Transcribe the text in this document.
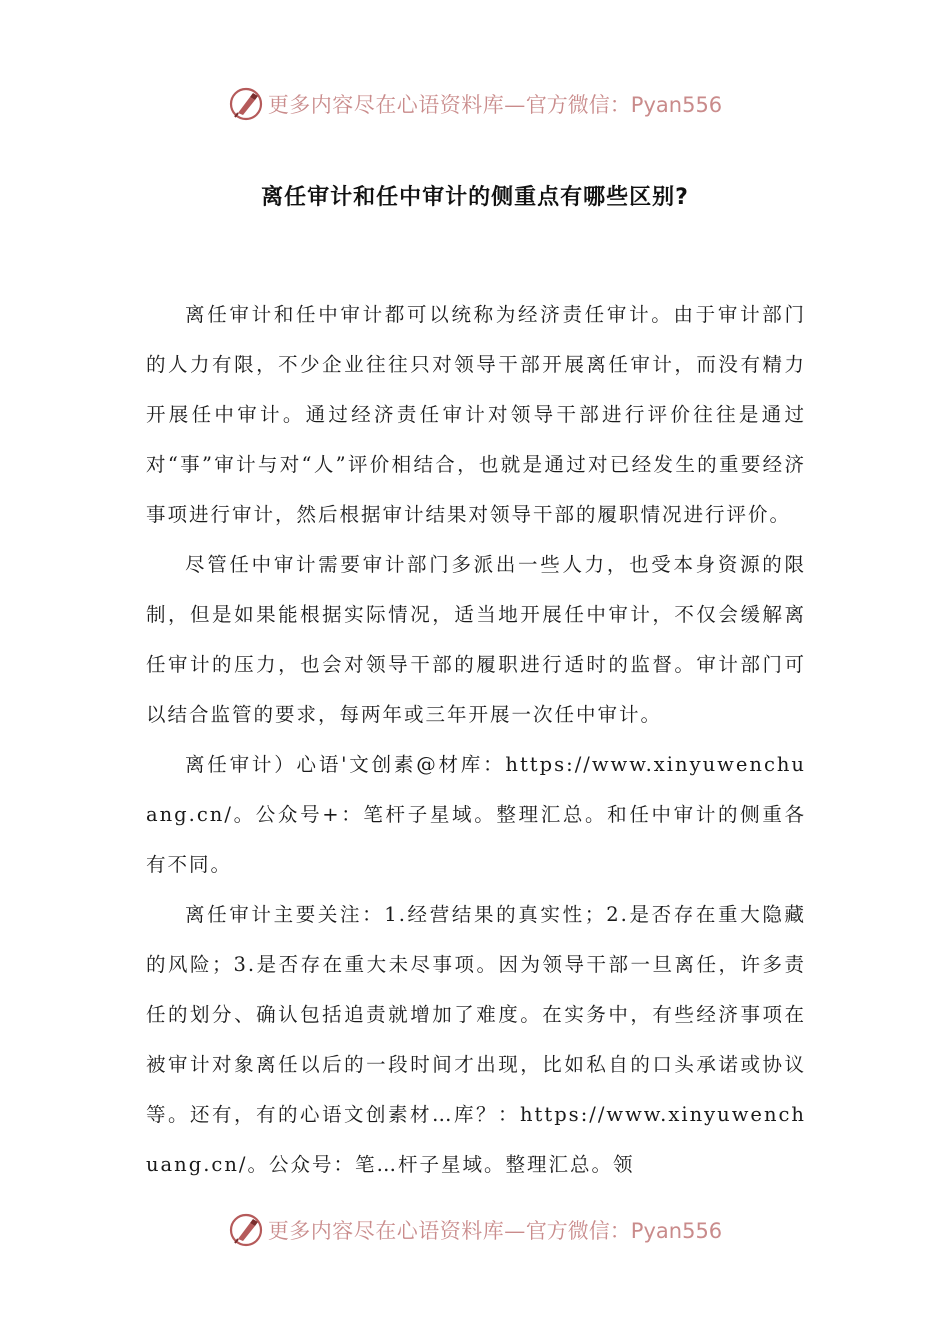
更多内容尽在心语资料库— 官方微信：Pyan556
离任审计和任中审计的侧重点有哪些区别?

离任审计和任中审计都可以统称为经济责任审计。由于审计部门的人力有限，不少企业往往只对领导干部开展离任审计，而没有精力开展任中审计。通过经济责任审计对领导干部进行评价往往是通过对“事”审计与对“人”评价相结合，也就是通过对已经发生的重要经济事项进行审计，然后根据审计结果对领导干部的履职情况进行评价。

尽管任中审计需要审计部门多派出一些人力，也受本身资源的限制，但是如果能根据实际情况，适当地开展任中审计，不仅会缓解离任审计的压力，也会对领导干部的履职进行适时的监督。审计部门可以结合监管的要求，每两年或三年开展一次任中审计。

离任审计）心语'文创素@材库：https://www.xinyuwenchuang.cn/。公众号+：笔杆子星域。整理汇总。和任中审计的侧重各有不同。

离任审计主要关注：1.经营结果的真实性；2.是否存在重大隐藏的风险；3.是否存在重大未尽事项。因为领导干部一旦离任，许多责任的划分、确认包括追责就增加了难度。在实务中，有些经济事项在被审计对象离任以后的一段时间才出现，比如私自的口头承诺或协议等。还有，有的心语文创素材…库？：https://www.xinyuwenchuang.cn/。公众号：笔…杆子星域。整理汇总。领

更多内容尽在心语资料库— 官方微信：Pyan556
